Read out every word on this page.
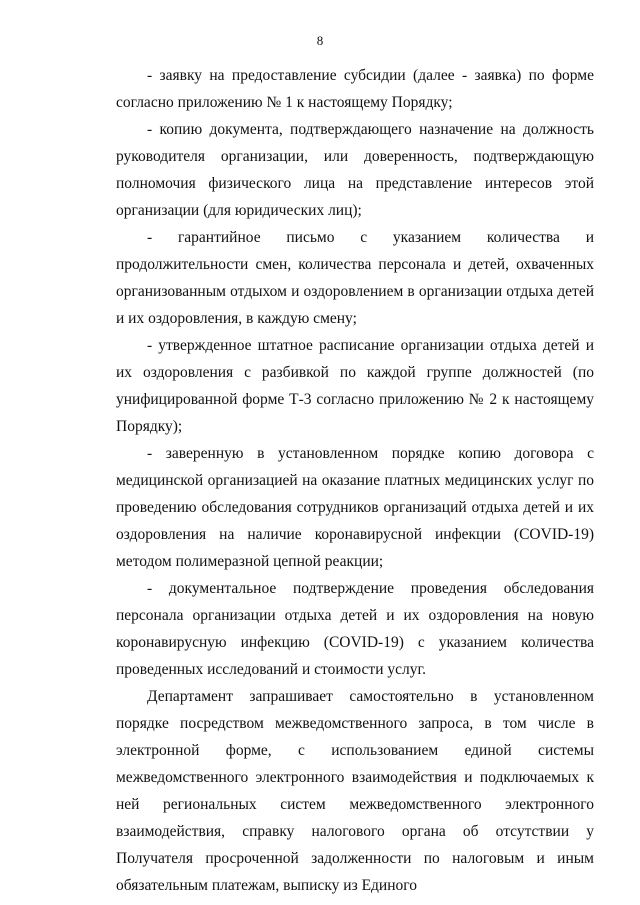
8

- заявку на предоставление субсидии (далее - заявка) по форме согласно приложению № 1 к настоящему Порядку;

- копию документа, подтверждающего назначение на должность руководителя организации, или доверенность, подтверждающую полномочия физического лица на представление интересов этой организации (для юридических лиц);

- гарантийное письмо с указанием количества и продолжительности смен, количества персонала и детей, охваченных организованным отдыхом и оздоровлением в организации отдыха детей и их оздоровления, в каждую смену;

- утвержденное штатное расписание организации отдыха детей и их оздоровления с разбивкой по каждой группе должностей (по унифицированной форме Т-3 согласно приложению № 2 к настоящему Порядку);

- заверенную в установленном порядке копию договора с медицинской организацией на оказание платных медицинских услуг по проведению обследования сотрудников организаций отдыха детей и их оздоровления на наличие коронавирусной инфекции (COVID-19) методом полимеразной цепной реакции;

- документальное подтверждение проведения обследования персонала организации отдыха детей и их оздоровления на новую коронавирусную инфекцию (COVID-19) с указанием количества проведенных исследований и стоимости услуг.

Департамент запрашивает самостоятельно в установленном порядке посредством межведомственного запроса, в том числе в электронной форме, с использованием единой системы межведомственного электронного взаимодействия и подключаемых к ней региональных систем межведомственного электронного взаимодействия, справку налогового органа об отсутствии у Получателя просроченной задолженности по налоговым и иным обязательным платежам, выписку из Единого
